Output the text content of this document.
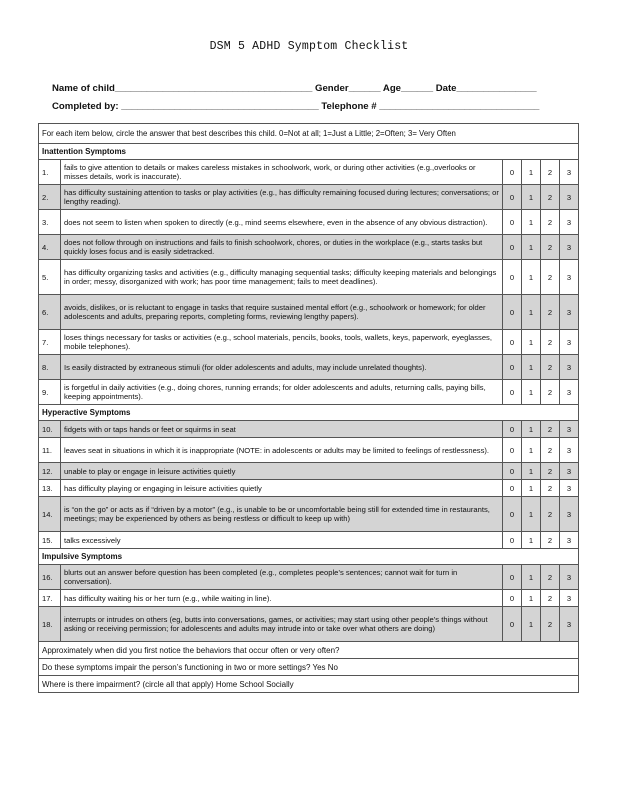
DSM 5 ADHD Symptom Checklist
Name of child_____________________________________ Gender______ Age______ Date_______________
Completed by: _____________________________________ Telephone # ______________________________
For each item below, circle the answer that best describes this child. 0=Not at all; 1=Just a Little; 2=Often; 3= Very Often					
Inattention Symptoms					
1.	fails to give attention to details or makes careless mistakes in schoolwork, work, or during other activities (e.g.,overlooks or misses details, work is inaccurate).	0	1	2	3
2.	has difficulty sustaining attention to tasks or play activities (e.g., has difficulty remaining focused during lectures; conversations; or lengthy reading).	0	1	2	3
3.	does not seem to listen when spoken to directly (e.g., mind seems elsewhere, even in the absence of any obvious distraction).	0	1	2	3
4.	does not follow through on instructions and fails to finish schoolwork, chores, or duties in the workplace (e.g., starts tasks but quickly loses focus and is easily sidetracked.	0	1	2	3
5.	has difficulty organizing tasks and activities (e.g., difficulty managing sequential tasks; difficulty keeping materials and belongings in order; messy, disorganized with work; has poor time management; fails to meet deadlines).	0	1	2	3
6.	avoids, dislikes, or is reluctant to engage in tasks that require sustained mental effort (e.g., schoolwork or homework; for older adolescents and adults, preparing reports, completing forms, reviewing lengthy papers).	0	1	2	3
7.	loses things necessary for tasks or activities (e.g., school materials, pencils, books, tools, wallets, keys, paperwork, eyeglasses, mobile telephones).	0	1	2	3
8.	Is easily distracted by extraneous stimuli (for older adolescents and adults, may include unrelated thoughts).	0	1	2	3
9.	is forgetful in daily activities (e.g., doing chores, running errands; for older adolescents and adults, returning calls, paying bills, keeping appointments).	0	1	2	3
Hyperactive Symptoms					
10.	fidgets with or taps hands or feet or squirms in seat	0	1	2	3
11.	leaves seat in situations in which it is inappropriate (NOTE: in adolescents or adults may be limited to feelings of restlessness).	0	1	2	3
12.	unable to play or engage in leisure activities quietly	0	1	2	3
13.	has difficulty playing or engaging in leisure activities quietly	0	1	2	3
14.	is “on the go” or acts as if “driven by a motor” (e.g., is unable to be or uncomfortable being still for extended time in restaurants, meetings; may be experienced by others as being restless or difficult to keep up with)	0	1	2	3
15.	talks excessively	0	1	2	3
Impulsive Symptoms					
16.	blurts out an answer before question has been completed (e.g., completes people’s sentences; cannot wait for turn in conversation).	0	1	2	3
17.	has difficulty waiting his or her turn (e.g., while waiting in line).	0	1	2	3
18.	interrupts or intrudes on others (eg, butts into conversations, games, or activities; may start using other people’s things without asking or receiving permission; for adolescents and adults may intrude into or take over what others are doing)	0	1	2	3
Approximately when did you first notice the behaviors that occur often or very often?					
Do these symptoms impair the person’s functioning in two or more settings? Yes No					
Where is there impairment? (circle all that apply) Home School Socially					
